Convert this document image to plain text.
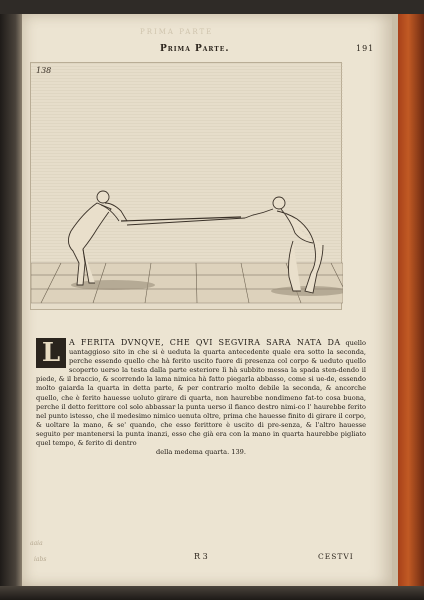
PRIMA PARTE
Prima Parte.	191
138
L	A FERITA DVNQVE, CHE QVI SEGVIRA SARA NATA DA quello uantaggioso sito in che si è ueduta la quarta antecedente quale era sotto la seconda, perche essendo quello che hà ferito uscito fuore di presenza col corpo & ueduto quello scoperto uerso la testa dalla parte esteriore lì hà subbito messa la spada sten-dendo il piede, & il braccio, & scorrendo la lama nimica hà fatto piegarla abbasso, come si ue-de, essendo molto gaiarda la quarta in detta parte, & per contrario molto debile la seconda, & ancorche quello, che è ferito hauesse uoluto girare di quarta, non haurebbe nondimeno fat-to cosa buona, perche il detto ferittore col solo abbassar la punta uerso il fianco destro nimi-co l' haurebbe ferito nel punto istesso, che il medesimo nimico uenuta oltre, prima che hauesse finito di girare il corpo, & uoltare la mano, & se' quando, che esso ferittore è uscito di pre-senza, & l'altro hauesse seguito per mantenersi la punta inanzi, esso che già era con la mano in quarta haurebbe pigliato quel tempo, & ferito di dentro
della medema quarta. 139.
aaia
iabs	R 3	CESTVI
